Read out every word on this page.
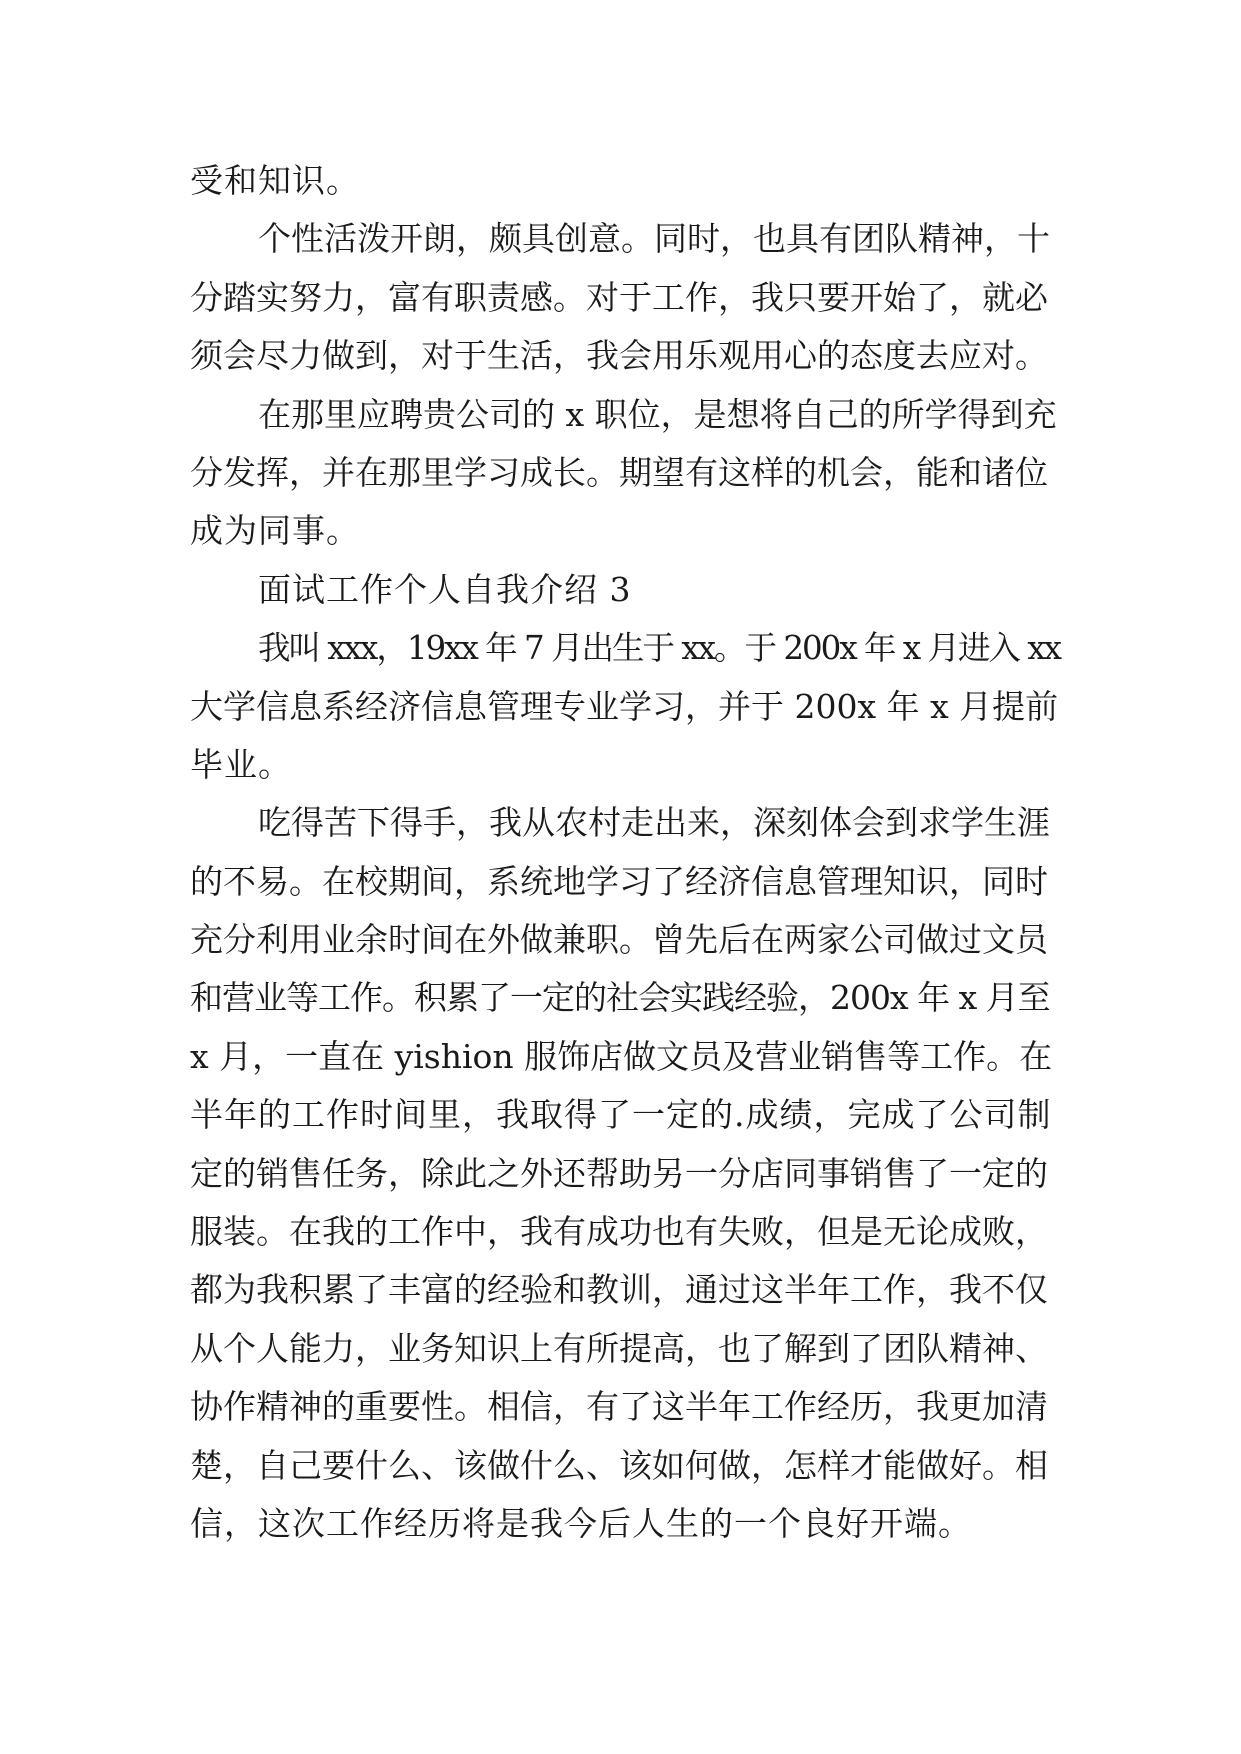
受和知识。
个性活泼开朗，颇具创意。同时，也具有团队精神，十
分踏实努力，富有职责感。对于工作，我只要开始了，就必
须会尽力做到，对于生活，我会用乐观用心的态度去应对。
在那里应聘贵公司的 x 职位，是想将自己的所学得到充
分发挥，并在那里学习成长。期望有这样的机会，能和诸位
成为同事。
面试工作个人自我介绍 3
我叫 xxx，19xx 年 7 月出生于 xx。于 200x 年 x 月进入 xx
大学信息系经济信息管理专业学习，并于 200x 年 x 月提前
毕业。
吃得苦下得手，我从农村走出来，深刻体会到求学生涯
的不易。在校期间，系统地学习了经济信息管理知识，同时
充分利用业余时间在外做兼职。曾先后在两家公司做过文员
和营业等工作。积累了一定的社会实践经验，200x 年 x 月至
x 月，一直在 yishion 服饰店做文员及营业销售等工作。在
半年的工作时间里，我取得了一定的.成绩，完成了公司制
定的销售任务，除此之外还帮助另一分店同事销售了一定的
服装。在我的工作中，我有成功也有失败，但是无论成败，
都为我积累了丰富的经验和教训，通过这半年工作，我不仅
从个人能力，业务知识上有所提高，也了解到了团队精神、
协作精神的重要性。相信，有了这半年工作经历，我更加清
楚，自己要什么、该做什么、该如何做，怎样才能做好。相
信，这次工作经历将是我今后人生的一个良好开端。
